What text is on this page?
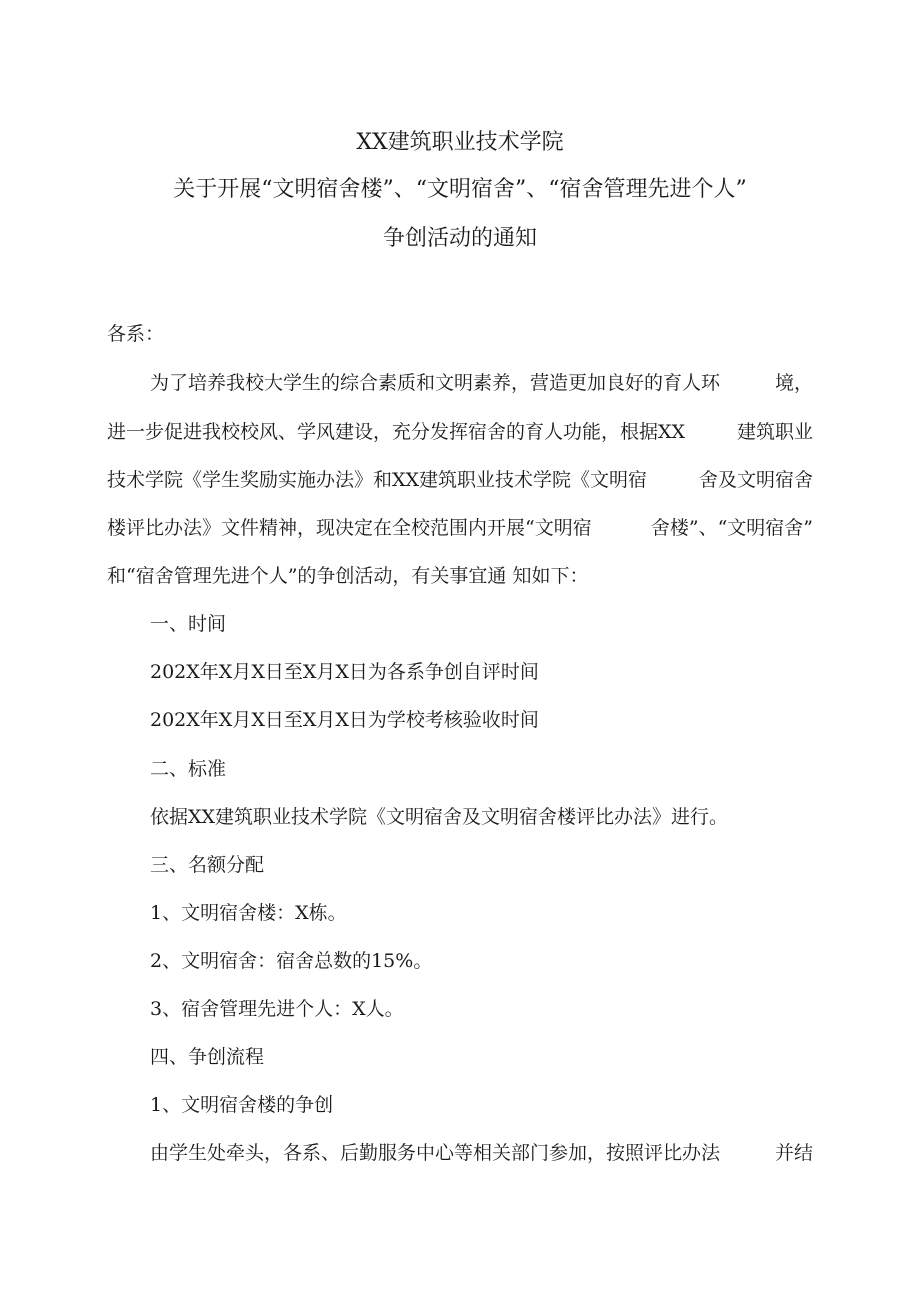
XX建筑职业技术学院
关于开展“文明宿舍楼”、“文明宿舍”、“宿舍管理先进个人”
争创活动的通知
各系：
为了培养我校大学生的综合素质和文明素养，营造更加良好的育人环	境，
进一步促进我校校风、学风建设，充分发挥宿舍的育人功能，根据XX	建筑职业
技术学院《学生奖励实施办法》和XX建筑职业技术学院《文明宿	舍及文明宿舍
楼评比办法》文件精神，现决定在全校范围内开展“文明宿	舍楼”、“文明宿舍”
和“宿舍管理先进个人”的争创活动，有关事宜通 知如下：
一、时间
202X年X月X日至X月X日为各系争创自评时间
202X年X月X日至X月X日为学校考核验收时间
二、标准
依据XX建筑职业技术学院《文明宿舍及文明宿舍楼评比办法》进行。
三、名额分配
1、文明宿舍楼：X栋。
2、文明宿舍：宿舍总数的15%。
3、宿舍管理先进个人：X人。
四、争创流程
1、文明宿舍楼的争创
由学生处牵头，各系、后勤服务中心等相关部门参加，按照评比办法	并结
